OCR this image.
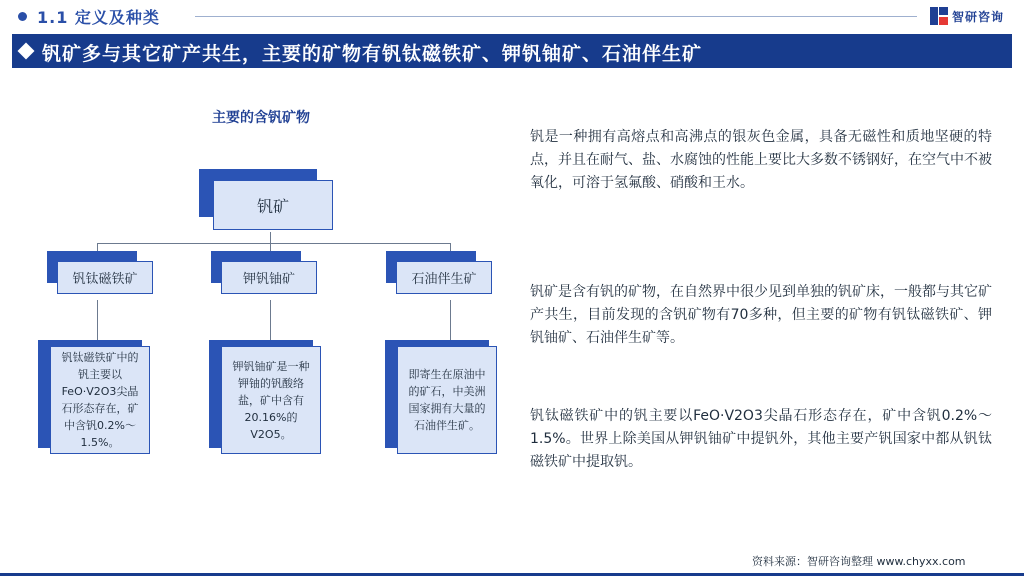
1.1 定义及种类	智研咨询
钒矿多与其它矿产共生，主要的矿物有钒钛磁铁矿、钾钒铀矿、石油伴生矿
主要的含钒矿物
钒矿
钒钛磁铁矿	钾钒铀矿	石油伴生矿
钒钛磁铁矿中的钒主要以FeO·V2O3尖晶石形态存在，矿中含钒0.2%～1.5%。
钾钒铀矿是一种钾铀的钒酸络盐，矿中含有20.16%的V2O5。
即寄生在原油中的矿石，中美洲国家拥有大量的石油伴生矿。
钒是一种拥有高熔点和高沸点的银灰色金属，具备无磁性和质地坚硬的特点，并且在耐气、盐、水腐蚀的性能上要比大多数不锈钢好，在空气中不被氧化，可溶于氢氟酸、硝酸和王水。
钒矿是含有钒的矿物，在自然界中很少见到单独的钒矿床，一般都与其它矿产共生，目前发现的含钒矿物有70多种，但主要的矿物有钒钛磁铁矿、钾钒铀矿、石油伴生矿等。
钒钛磁铁矿中的钒主要以FeO·V2O3尖晶石形态存在，矿中含钒0.2%～1.5%。世界上除美国从钾钒铀矿中提钒外，其他主要产钒国家中都从钒钛磁铁矿中提取钒。
资料来源：智研咨询整理 www.chyxx.com
